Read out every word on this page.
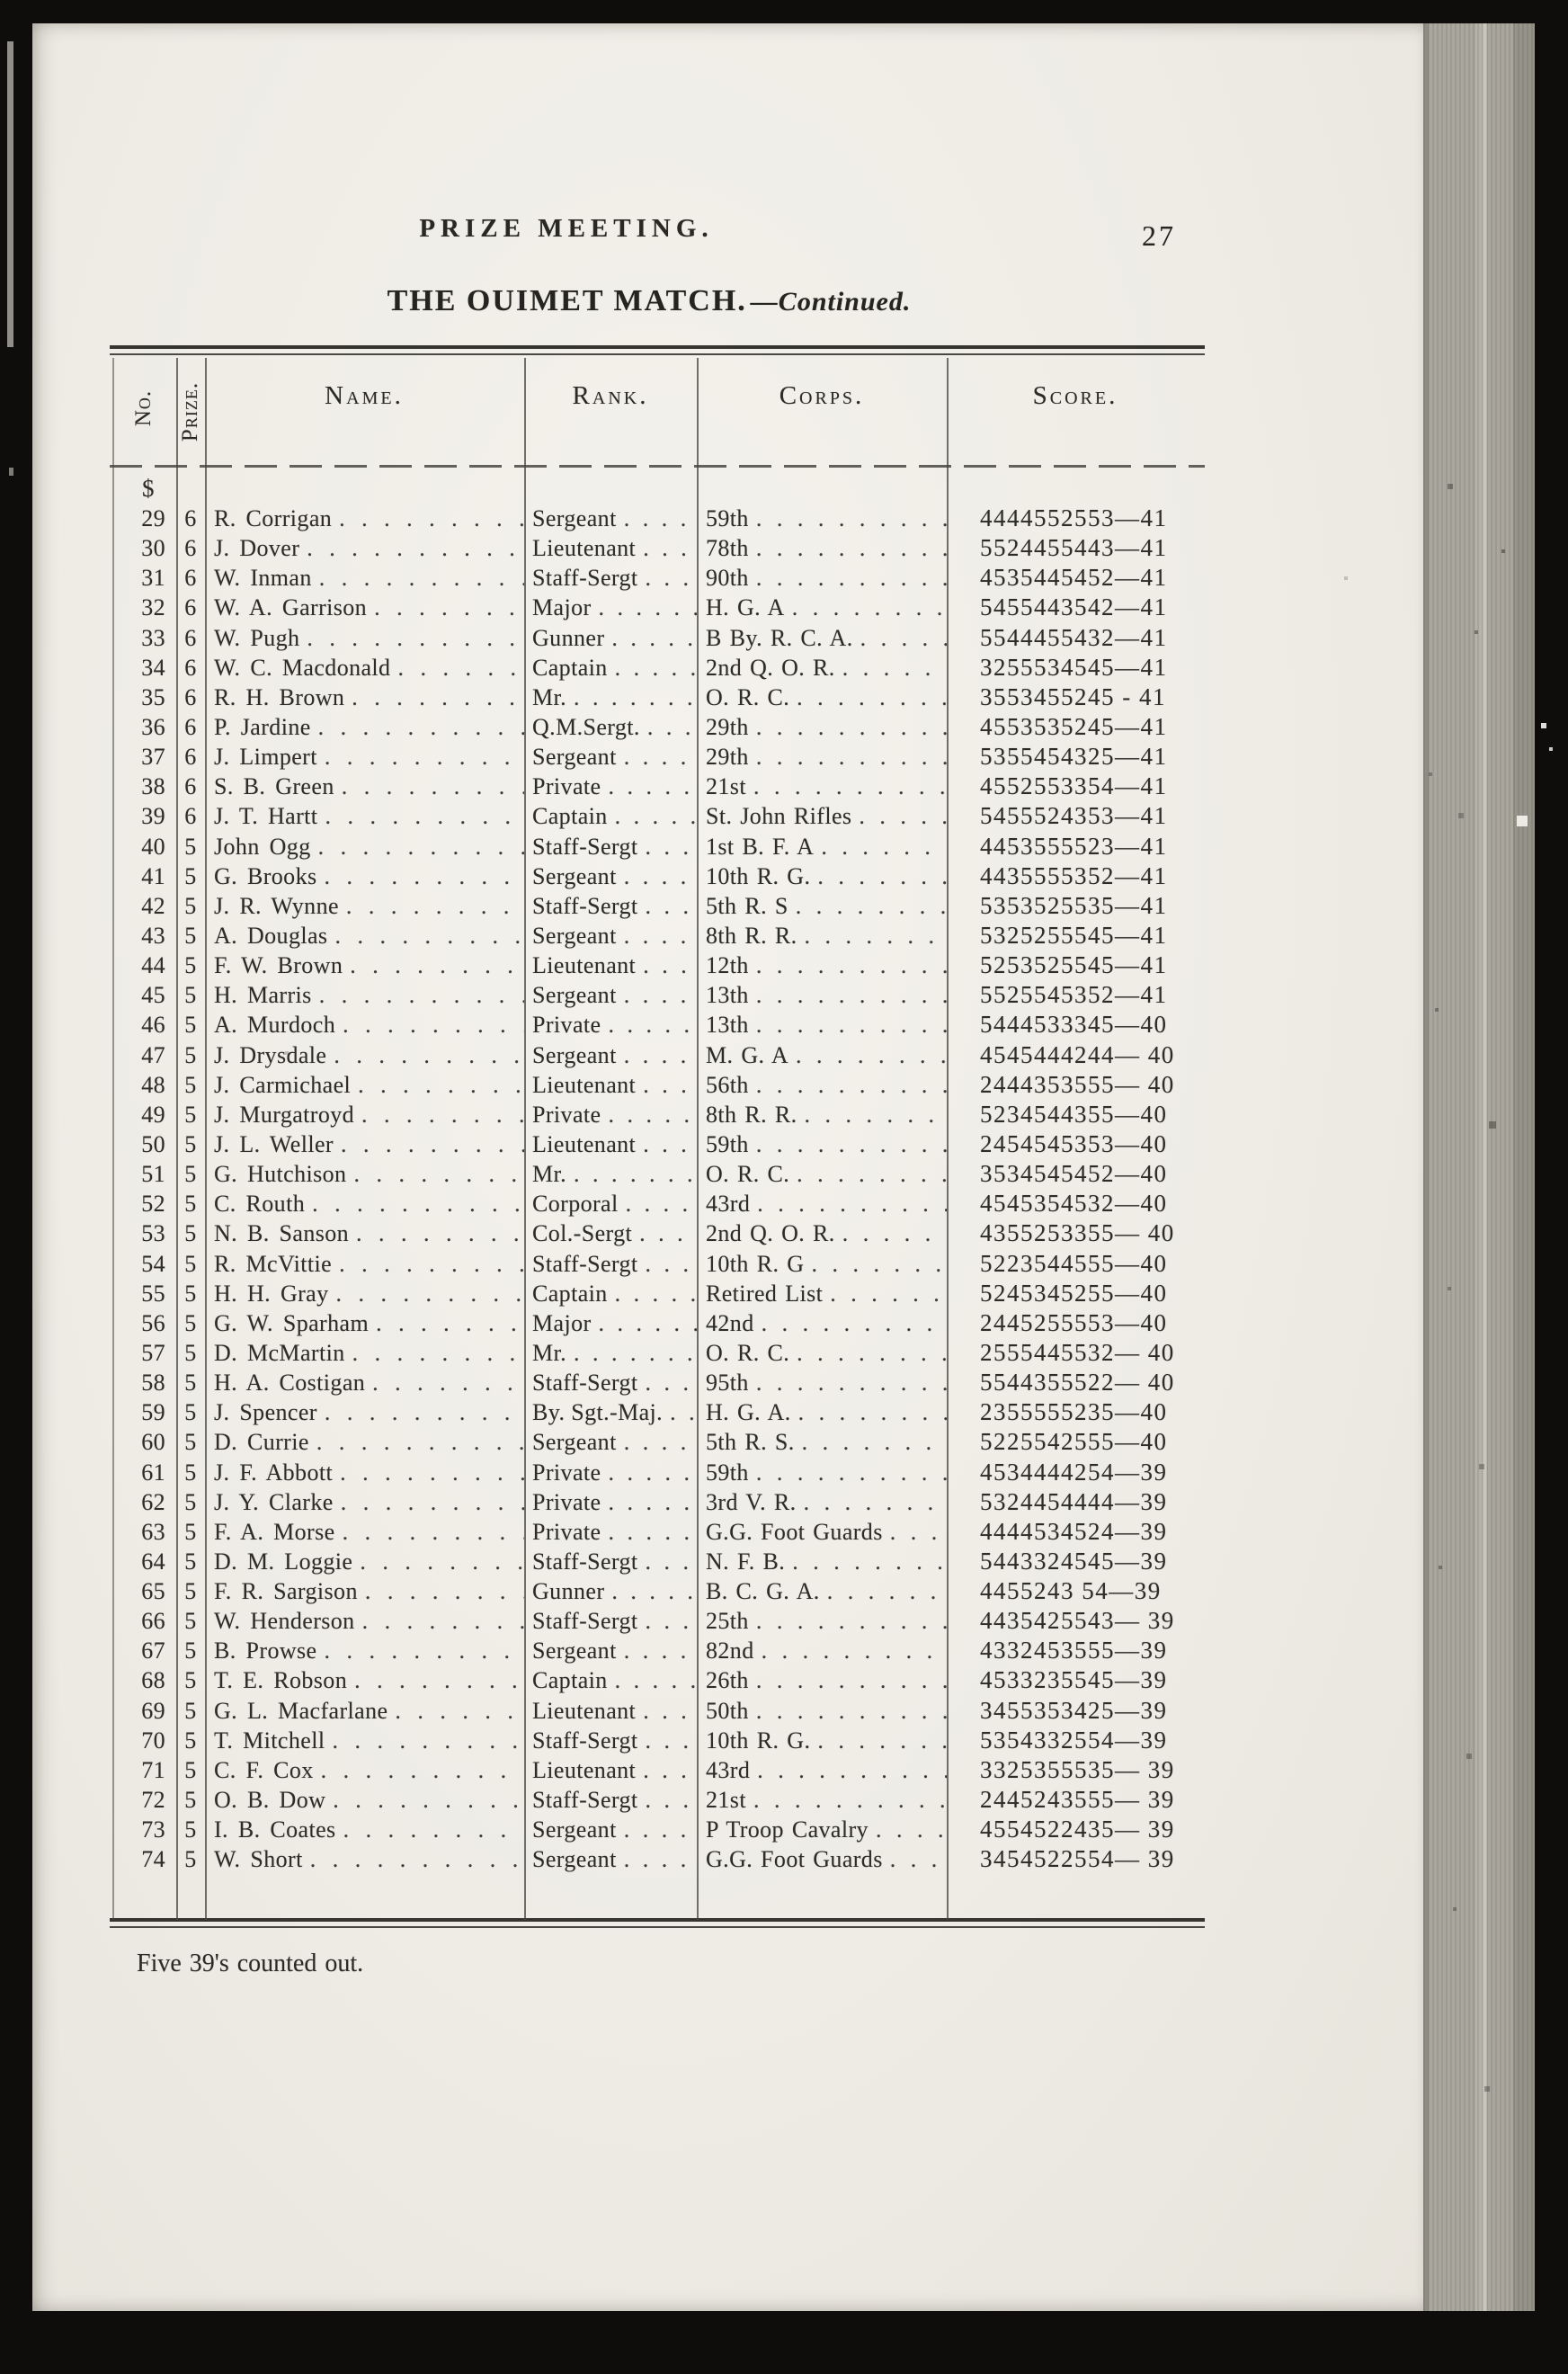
PRIZE MEETING.	27
THE OUIMET MATCH. —Continued.
No. Prize.	Name.	Rank.	Corps.	Score.
$
29 6 R. Corrigan . . .	Sergeant . . .	59th . . .	4444552553—41
30 6 J. Dover . . .	Lieutenant . . .	78th . . .	5524455443—41
31 6 W. Inman . . .	Staff-Sergt . . .	90th . . .	4535445452—41
32 6 W. A. Garrison . . .	Major . . .	H. G. A . . .	5455443542—41
33 6 W. Pugh . . .	Gunner . . .	B By. R. C. A. . . .	5544455432—41
34 6 W. C. Macdonald . . .	Captain . . .	2nd Q. O. R. . . .	3255534545—41
35 6 R. H. Brown . . .	Mr. . . .	O. R. C. . . .	3553455245 - 41
36 6 P. Jardine . . .	Q.M.Sergt. . . .	29th . . .	4553535245—41
37 6 J. Limpert . . .	Sergeant . . .	29th . . .	5355454325—41
38 6 S. B. Green . . .	Private . . .	21st . . .	4552553354—41
39 6 J. T. Hartt . . .	Captain . . .	St. John Rifles . . .	5455524353—41
40 5 John Ogg . . .	Staff-Sergt . . .	1st B. F. A . . .	4453555523—41
41 5 G. Brooks . . .	Sergeant . . .	10th R. G. . . .	4435555352—41
42 5 J. R. Wynne . . .	Staff-Sergt . . .	5th R. S . . .	5353525535—41
43 5 A. Douglas . . .	Sergeant . . .	8th R. R. . . .	5325255545—41
44 5 F. W. Brown . . .	Lieutenant . . .	12th . . .	5253525545—41
45 5 H. Marris . . .	Sergeant . . .	13th . . .	5525545352—41
46 5 A. Murdoch . . .	Private . . .	13th . . .	5444533345—40
47 5 J. Drysdale . . .	Sergeant . . .	M. G. A . . .	4545444244— 40
48 5 J. Carmichael . . .	Lieutenant . . .	56th . . .	2444353555— 40
49 5 J. Murgatroyd . . .	Private . . .	8th R. R. . . .	5234544355—40
50 5 J. L. Weller . . .	Lieutenant . . .	59th . . .	2454545353—40
51 5 G. Hutchison . . .	Mr. . . .	O. R. C. . . .	3534545452—40
52 5 C. Routh . . .	Corporal . . .	43rd . . .	4545354532—40
53 5 N. B. Sanson . . .	Col.-Sergt . . .	2nd Q. O. R. . . .	4355253355— 40
54 5 R. McVittie . . .	Staff-Sergt . . .	10th R. G . . .	5223544555—40
55 5 H. H. Gray . . .	Captain . . .	Retired List . . .	5245345255—40
56 5 G. W. Sparham . . .	Major . . .	42nd . . .	2445255553—40
57 5 D. McMartin . . .	Mr. . . .	O. R. C. . . .	2555445532— 40
58 5 H. A. Costigan . . .	Staff-Sergt . . .	95th . . .	5544355522— 40
59 5 J. Spencer . . .	By. Sgt.-Maj. . . . H. G. A. . . .	2355555235—40
60 5 D. Currie . . .	Sergeant . . .	5th R. S. . . .	5225542555—40
61 5 J. F. Abbott . . .	Private . . .	59th . . .	4534444254—39
62 5 J. Y. Clarke . . .	Private . . .	3rd V. R. . . .	5324454444—39
63 5 F. A. Morse . . .	Private . . .	G.G. Foot Guards . . .	4444534524—39
64 5 D. M. Loggie . . .	Staff-Sergt . . .	N. F. B. . . .	5443324545—39
65 5 F. R. Sargison . . .	Gunner . . .	B. C. G. A. . . .	4455243 54—39
66 5 W. Henderson . . .	Staff-Sergt . . .	25th . . .	4435425543— 39
67 5 B. Prowse . . .	Sergeant . . .	82nd . . .	4332453555—39
68 5 T. E. Robson . . .	Captain . . .	26th . . .	4533235545—39
69 5 G. L. Macfarlane . . .	Lieutenant . . .	50th . . .	3455353425—39
70 5 T. Mitchell . . .	Staff-Sergt . . .	10th R. G. . . .	5354332554—39
71 5 C. F. Cox . . .	Lieutenant . . .	43rd . . .	3325355535— 39
72 5 O. B. Dow . . .	Staff-Sergt . . .	21st . . .	2445243555— 39
73 5 I. B. Coates . . .	Sergeant . . .	P Troop Cavalry . . .	4554522435— 39
74 5 W. Short . . .	Sergeant . . .	G.G. Foot Guards . . .	3454522554— 39
Five 39's counted out.
